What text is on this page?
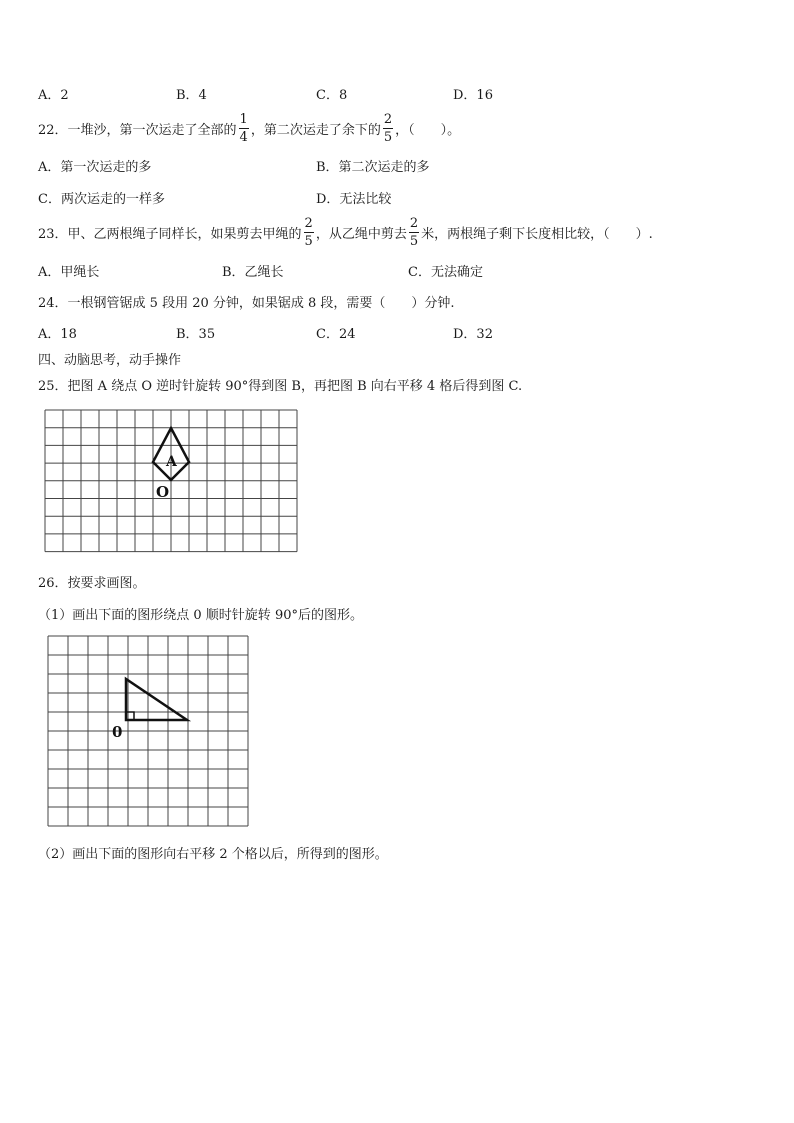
A．2	B．4	C．8	D．16
22．一堆沙，第一次运走了全部的 $\frac{1}{4}$ ，第二次运走了余下的 $\frac{2}{5}$ ，（　　）。
A．第一次运走的多	B．第二次运走的多
C．两次运走的一样多	D．无法比较
23．甲、乙两根绳子同样长，如果剪去甲绳的 $\frac{2}{5}$ ，从乙绳中剪去 $\frac{2}{5}$ 米，两根绳子剩下长度相比较，（　　）.
A．甲绳长	B．乙绳长	C．无法确定
24．一根钢管锯成 5 段用 20 分钟，如果锯成 8 段，需要（　　）分钟.
A．18	B．35	C．24	D．32
四、动脑思考，动手操作
25．把图 A 绕点 O 逆时针旋转 90°得到图 B，再把图 B 向右平移 4 格后得到图 C.
A
O
26．按要求画图。
（1）画出下面的图形绕点 0 顺时针旋转 90°后的图形。
0
（2）画出下面的图形向右平移 2 个格以后，所得到的图形。
